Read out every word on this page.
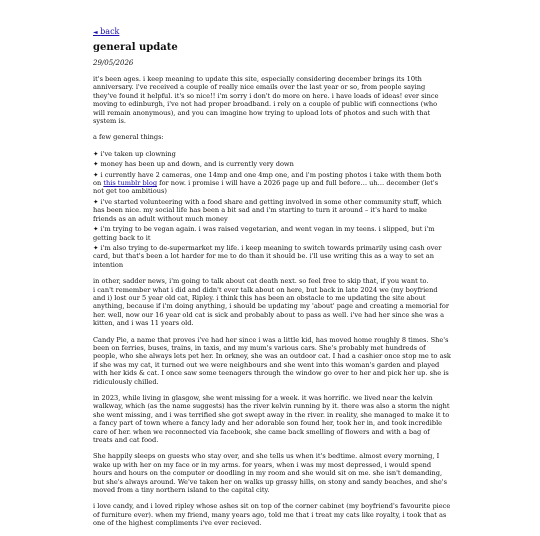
◄ back
general update
29/05/2026

it's been ages. i keep meaning to update this site, especially considering december brings its 10th anniversary. i've received a couple of really nice emails over the last year or so, from people saying they've found it helpful. it's so nice!! i'm sorry i don't do more on here. i have loads of ideas! ever since moving to edinburgh, i've not had proper broadband. i rely on a couple of public wifi connections (who will remain anonymous), and you can imagine how trying to upload lots of photos and such with that system is.

a few general things:

✦ i've taken up clowning
✦ money has been up and down, and is currently very down
✦ i currently have 2 cameras, one 14mp and one 4mp one, and i'm posting photos i take with them both on this tumblr blog for now. i promise i will have a 2026 page up and full before… uh… december (let's not get too ambitious)
✦ i've started volunteering with a food share and getting involved in some other community stuff, which has been nice. my social life has been a bit sad and i'm starting to turn it around – it's hard to make friends as an adult without much money
✦ i'm trying to be vegan again. i was raised vegetarian, and went vegan in my teens. i slipped, but i'm getting back to it
✦ i'm also trying to de-supermarket my life. i keep meaning to switch towards primarily using cash over card, but that's been a lot harder for me to do than it should be. i'll use writing this as a way to set an intention

in other, sadder news, i'm going to talk about cat death next. so feel free to skip that, if you want to.
i can't remember what i did and didn't ever talk about on here, but back in late 2024 we (my boyfriend and i) lost our 5 year old cat, Ripley. i think this has been an obstacle to me updating the site about anything, because if i'm doing anything, i should be updating my 'about' page and creating a memorial for her. well, now our 16 year old cat is sick and probably about to pass as well. i've had her since she was a kitten, and i was 11 years old.

Candy Pie, a name that proves i've had her since i was a little kid, has moved home roughly 8 times. She's been on ferries, buses, trains, in taxis, and my mum's various cars. She's probably met hundreds of people, who she always lets pet her. In orkney, she was an outdoor cat. I had a cashier once stop me to ask if she was my cat, it turned out we were neighbours and she went into this woman's garden and played with her kids & cat. I once saw some teenagers through the window go over to her and pick her up. she is ridiculously chilled.

in 2023, while living in glasgow, she went missing for a week. it was horrific. we lived near the kelvin walkway, which (as the name suggests) has the river kelvin running by it. there was also a storm the night she went missing, and i was terrified she got swept away in the river. in reality, she managed to make it to a fancy part of town where a fancy lady and her adorable son found her, took her in, and took incredible care of her. when we reconnected via facebook, she came back smelling of flowers and with a bag of treats and cat food.

She happily sleeps on guests who stay over, and she tells us when it's bedtime. almost every morning, I wake up with her on my face or in my arms. for years, when i was my most depressed, i would spend hours and hours on the computer or doodling in my room and she would sit on me. she isn't demanding, but she's always around. We've taken her on walks up grassy hills, on stony and sandy beaches, and she's moved from a tiny northern island to the capital city.

i love candy, and i loved ripley whose ashes sit on top of the corner cabinet (my boyfriend's favourite piece of furniture ever). when my friend, many years ago, told me that i treat my cats like royalty, i took that as one of the highest compliments i've ever recieved.
